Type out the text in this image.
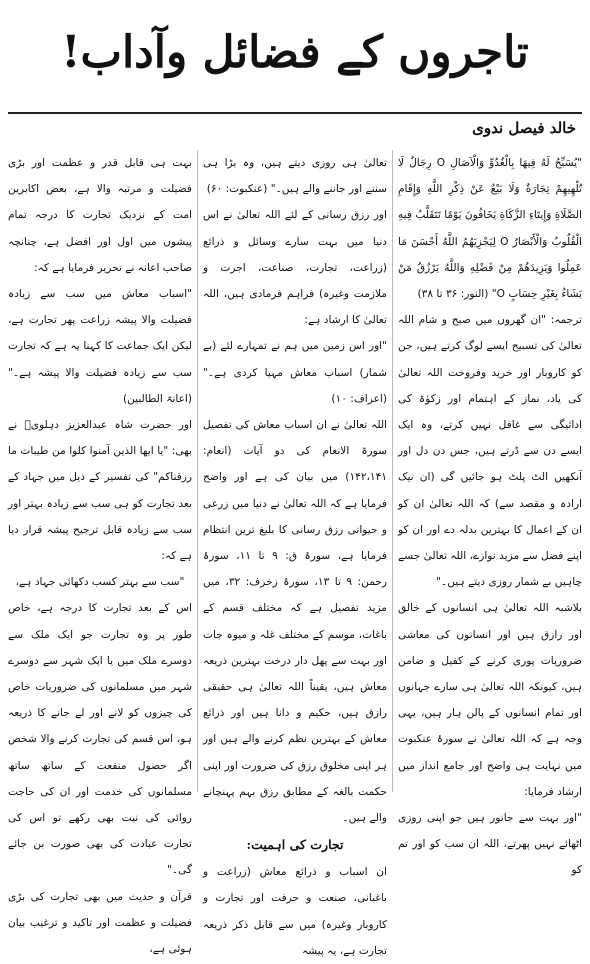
تاجروں کے فضائل وآداب!
خالد فیصل ندوی

"يُسَبِّحُ لَهُ فِيهَا بِالْغُدُوِّ وَالْآصَالِ O رِجَالٌ لَا تُلْهِيهِمْ تِجَارَةٌ وَلَا بَيْعٌ عَنْ ذِكْرِ اللَّهِ وَإِقَامِ الصَّلَاةِ وَإِيتَاءِ الزَّكَاةِ يَخَافُونَ يَوْمًا تَتَقَلَّبُ فِيهِ الْقُلُوبُ وَالْأَبْصَارُ O لِيَجْزِيَهُمُ اللَّهُ أَحْسَنَ مَا عَمِلُوا وَيَزِيدَهُمْ مِنْ فَضْلِهِ وَاللَّهُ يَرْزُقُ مَنْ يَشَاءُ بِغَيْرِ حِسَابٍ O" (النور: ۳۶ تا ۳۸)

ترجمہ: "ان گھروں میں صبح و شام اللہ تعالیٰ کی تسبیح ایسے لوگ کرتے ہیں، جن کو کاروبار اور خرید وفروخت اللہ تعالیٰ کی یاد، نماز کے اہتمام اور زکوٰۃ کی ادائیگی سے غافل نہیں کرتے، وہ ایک ایسے دن سے ڈرتے ہیں، جس دن دل اور آنکھیں الٹ پلٹ ہو جائیں گی (ان نیک ارادہ و مقصد سے) کہ اللہ تعالیٰ ان کو ان کے اعمال کا بہترین بدلہ دے اور ان کو اپنے فضل سے مزید نوازے، اللہ تعالیٰ جسے چاہیں بے شمار روزی دیتے ہیں۔"

بلاشبہ اللہ تعالیٰ ہی انسانوں کے خالق اور رازق ہیں اور انسانوں کی معاشی ضروریات پوری کرنے کے کفیل و ضامن ہیں، کیونکہ اللہ تعالیٰ ہی سارے جہانوں اور تمام انسانوں کے پالن ہار ہیں، یہی وجہ ہے کہ اللہ تعالیٰ نے سورۂ عنکبوت میں نہایت ہی واضح اور جامع انداز میں ارشاد فرمایا:

"اور بہت سے جانور ہیں جو اپنی روزی اٹھائے نہیں پھرتے، اللہ ان سب کو اور تم کو

تعالیٰ ہی روزی دیتے ہیں، وہ بڑا ہی سننے اور جاننے والے ہیں۔" (عنکبوت: ۶۰)

اور رزق رسانی کے لئے اللہ تعالیٰ نے اس دنیا میں بہت سارے وسائل و ذرائع (زراعت، تجارت، صناعت، اجرت و ملازمت وغیرہ) فراہم فرمادی ہیں، اللہ تعالیٰ کا ارشاد ہے:

"اور اس زمین میں ہم نے تمہارے لئے (بے شمار) اسباب معاش مہیا کردی ہے۔" (اعراف: ۱۰)

اللہ تعالیٰ نے ان اسباب معاش کی تفصیل سورۃ الانعام کی دو آیات (انعام: ۱۴۲،۱۴۱) میں بیان کی ہے اور واضح فرمایا ہے کہ اللہ تعالیٰ نے دنیا میں زرعی و حیوانی رزق رسانی کا بلیغ ترین انتظام فرمایا ہے، سورۂ ق: ۹ تا ۱۱، سورۂ رحمن: ۹ تا ۱۳، سورۂ زخرف: ۳۲، میں مزید تفصیل ہے کہ مختلف قسم کے باغات، موسم کے مختلف غلہ و میوہ جات اور بہت سے پھل دار درخت بہترین ذریعہ معاش ہیں، یقیناً اللہ تعالیٰ ہی حقیقی رازق ہیں، حکیم و دانا ہیں اور ذرائع معاش کے بہترین نظم کرنے والے ہیں اور ہر اپنی مخلوق رزق کی ضرورت اور اپنی حکمت بالغہ کے مطابق رزق بہم پہنچانے والے ہیں۔

تجارت کی اہمیت:

ان اسباب و ذرائع معاش (زراعت و باغبانی، صنعت و حرفت اور تجارت و کاروبار وغیرہ) میں سے قابل ذکر ذریعہ تجارت ہے، یہ پیشہ

بہت ہی قابل قدر و عظمت اور بڑی فضیلت و مرتبہ والا ہے، بعض اکابرین امت کے نزدیک تجارت کا درجہ تمام پیشوں میں اول اور افضل ہے، چنانچہ صاحب اعانہ نے تحریر فرمایا ہے کہ:

"اسباب معاش میں سب سے زیادہ فضیلت والا پیشہ زراعت پھر تجارت ہے، لیکن ایک جماعت کا کہنا یہ ہے کہ تجارت سب سے زیادہ فضیلت والا پیشہ ہے۔" (اعانۃ الطالبین)

اور حضرت شاہ عبدالعزیز دہلویؒ نے بھی: "يا ايها الذين آمنوا كلوا من طيبات ما رزقناكم" کی تفسیر کے ذیل میں جہاد کے بعد تجارت کو ہی سب سے زیادہ بہتر اور سب سے زیادہ قابل ترجیح پیشہ قرار دیا ہے کہ:

"سب سے بہتر کسب دکھائی جہاد ہے،

اس کے بعد تجارت کا درجہ ہے، خاص طور پر وہ تجارت جو ایک ملک سے دوسرے ملک میں یا ایک شہر سے دوسرے شہر میں مسلمانوں کی ضروریات خاص کی چیزوں کو لانے اور لے جانے کا ذریعہ ہو، اس قسم کی تجارت کرنے والا شخص اگر حصول منفعت کے ساتھ ساتھ مسلمانوں کی خدمت اور ان کی حاجت روائی کی نیت بھی رکھے تو اس کی تجارت عبادت کی بھی صورت بن جائے گی۔"

قرآن و حدیث میں بھی تجارت کی بڑی فضیلت و عظمت اور تاکید و ترغیب بیان ہوئی ہے،
